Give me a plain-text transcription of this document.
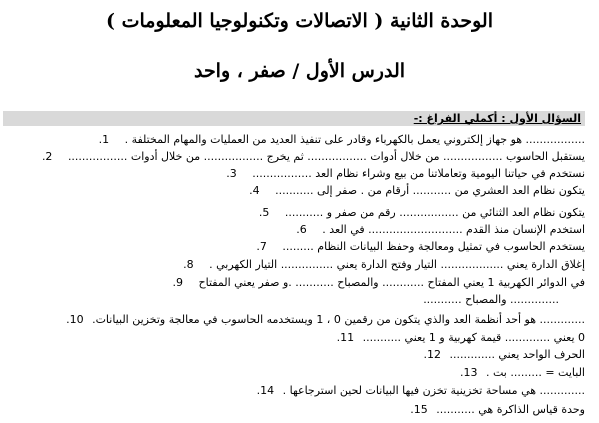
الوحدة الثانية ( الاتصالات وتكنولوجيا المعلومات )
الدرس الأول / صفر ، واحد
السؤال الأول : أكملي الفراغ :-
.1	................. هو جهاز إلكتروني يعمل بالكهرباء وقادر على تنفيذ العديد من العمليات والمهام المختلفة .
.2	يستقبل الحاسوب ................. من خلال أدوات ................. ثم يخرج ................. من خلال أدوات .................
.3	نستخدم في حياتنا اليومية وتعاملاتنا من بيع وشراء نظام العد .................
.4	يتكون نظام العد العشري من ........... أرقام من . صفر إلى ...........
.5	يتكون نظام العد الثنائي من ................. رقم من صفر و ...........
.6	استخدم الإنسان منذ القدم ........................... في العد .
.7	يستخدم الحاسوب في تمثيل ومعالجة وحفظ البيانات النظام .........
.8	إغلاق الدارة يعني .................. التيار وفتح الدارة يعني ............... التيار الكهربي .
.9	في الدوائر الكهربية 1 يعني المفتاح ............ والمصباح ........... .و صفر يعني المفتاح
.............. والمصباح ...........
.10 ............. هو أحد أنظمة العد والذي يتكون من رقمين 0 ، 1 ويستخدمه الحاسوب في معالجة وتخزين البيانات.
.11 0 يعني ............. قيمة كهربية و 1 يعني ...........
.12 الحرف الواحد يعني .............
.13 البايت = ......... بت .
.14 ............. هي مساحة تخزينية تخزن فيها البيانات لحين استرجاعها .
.15 وحدة قياس الذاكرة هي ...........
